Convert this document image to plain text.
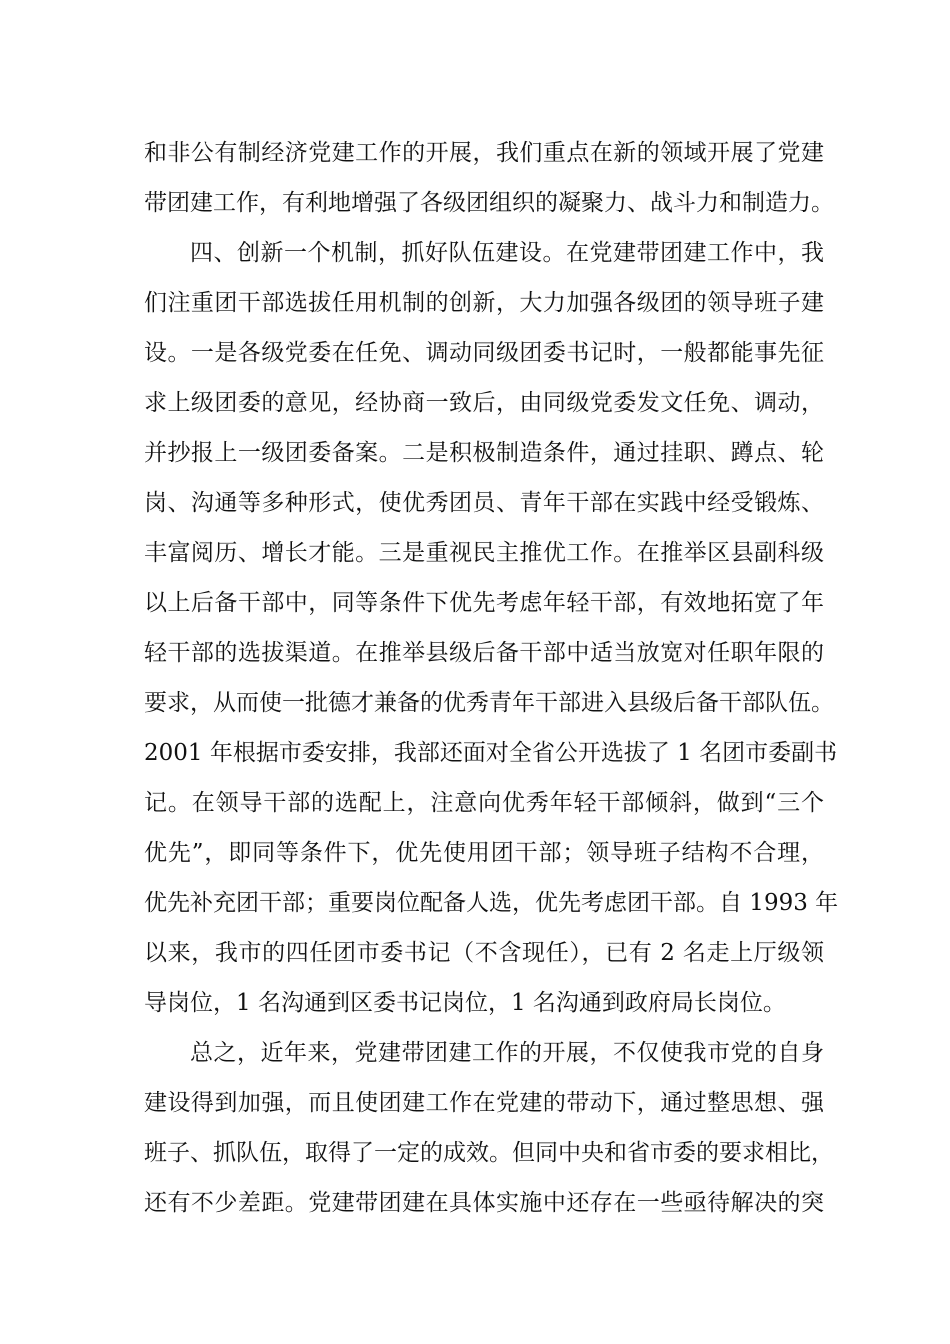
和非公有制经济党建工作的开展，我们重点在新的领域开展了党建
带团建工作，有利地增强了各级团组织的凝聚力、战斗力和制造力。
四、创新一个机制，抓好队伍建设。在党建带团建工作中，我
们注重团干部选拔任用机制的创新，大力加强各级团的领导班子建
设。一是各级党委在任免、调动同级团委书记时，一般都能事先征
求上级团委的意见，经协商一致后，由同级党委发文任免、调动，
并抄报上一级团委备案。二是积极制造条件，通过挂职、蹲点、轮
岗、沟通等多种形式，使优秀团员、青年干部在实践中经受锻炼、
丰富阅历、增长才能。三是重视民主推优工作。在推举区县副科级
以上后备干部中，同等条件下优先考虑年轻干部，有效地拓宽了年
轻干部的选拔渠道。在推举县级后备干部中适当放宽对任职年限的
要求，从而使一批德才兼备的优秀青年干部进入县级后备干部队伍。
2001 年根据市委安排，我部还面对全省公开选拔了 1 名团市委副书
记。在领导干部的选配上，注意向优秀年轻干部倾斜，做到“三个
优先”，即同等条件下，优先使用团干部；领导班子结构不合理，
优先补充团干部；重要岗位配备人选，优先考虑团干部。自 1993 年
以来，我市的四任团市委书记（不含现任），已有 2 名走上厅级领
导岗位，1 名沟通到区委书记岗位，1 名沟通到政府局长岗位。
总之，近年来，党建带团建工作的开展，不仅使我市党的自身
建设得到加强，而且使团建工作在党建的带动下，通过整思想、强
班子、抓队伍，取得了一定的成效。但同中央和省市委的要求相比，
还有不少差距。党建带团建在具体实施中还存在一些亟待解决的突
